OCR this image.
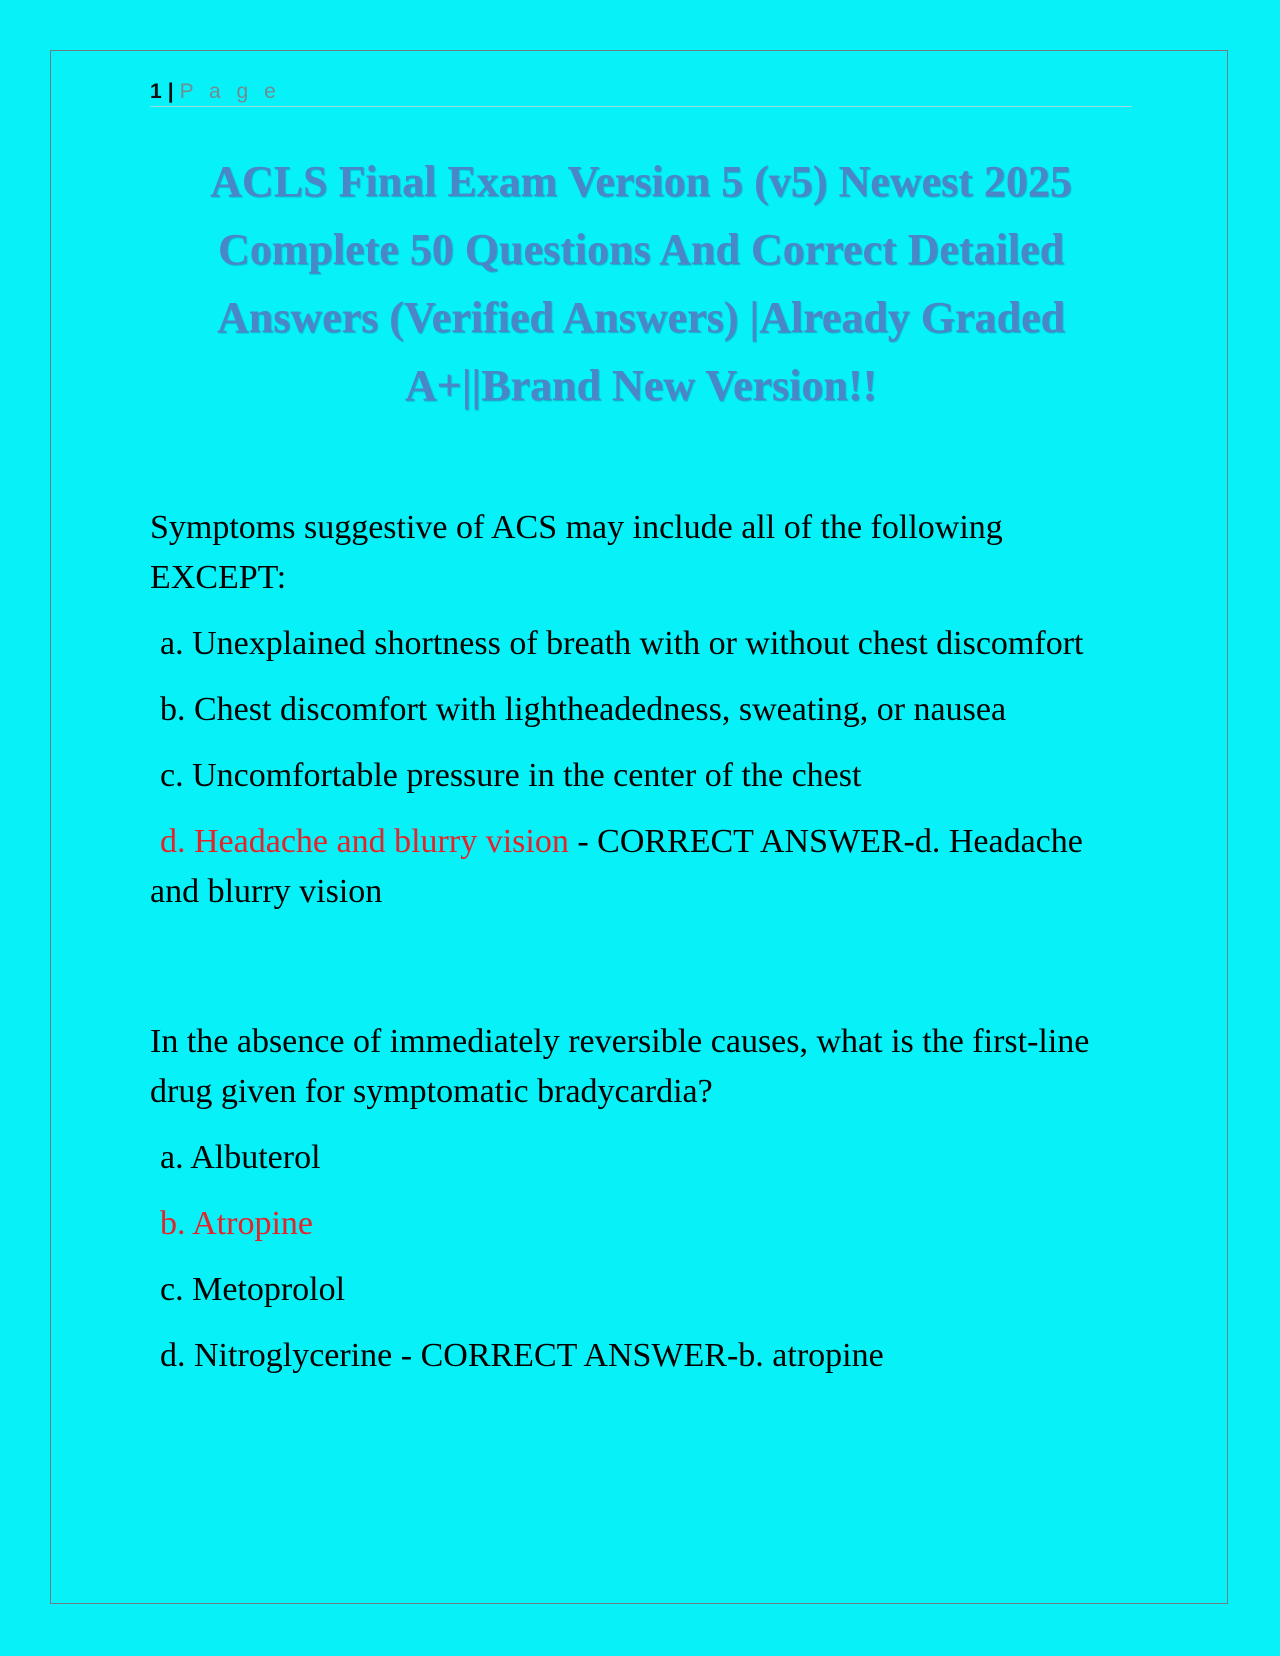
1 | P a g e
ACLS Final Exam Version 5 (v5) Newest 2025 Complete 50 Questions And Correct Detailed Answers (Verified Answers) |Already Graded A+||Brand New Version!!

Symptoms suggestive of ACS may include all of the following EXCEPT:

a. Unexplained shortness of breath with or without chest discomfort

b. Chest discomfort with lightheadedness, sweating, or nausea

c. Uncomfortable pressure in the center of the chest

d. Headache and blurry vision - CORRECT ANSWER-d. Headache and blurry vision

In the absence of immediately reversible causes, what is the first-line drug given for symptomatic bradycardia?

a. Albuterol

b. Atropine

c. Metoprolol

d. Nitroglycerine - CORRECT ANSWER-b. atropine
